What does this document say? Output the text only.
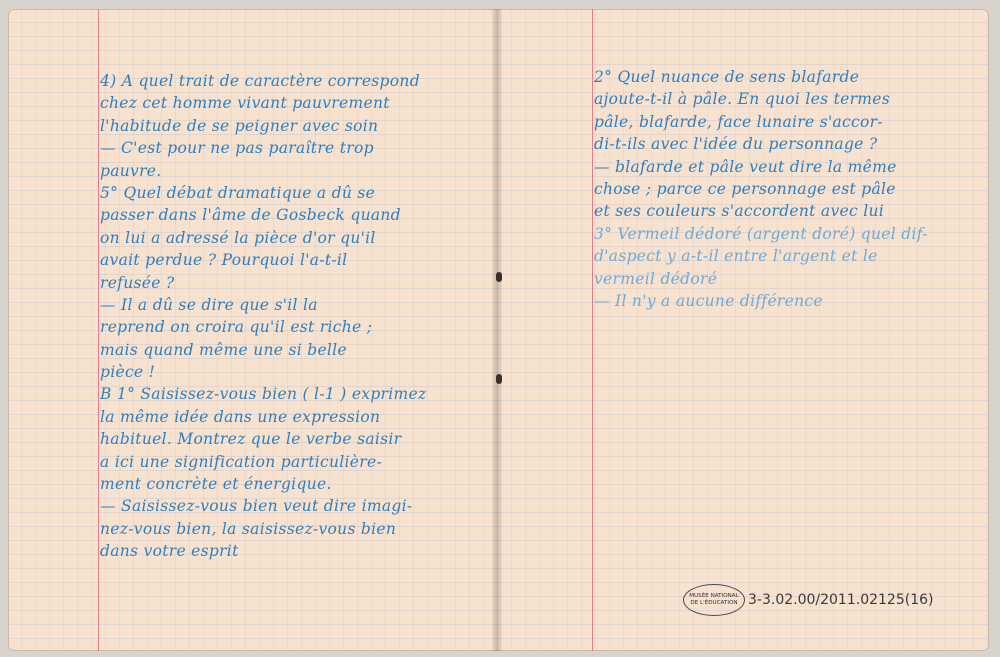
4) A quel trait de caractère correspond
chez cet homme vivant pauvrement
l'habitude de se peigner avec soin
— C'est pour ne pas paraître trop
pauvre.
5° Quel débat dramatique a dû se
passer dans l'âme de Gosbeck quand
on lui a adressé la pièce d'or qu'il
avait perdue ? Pourquoi l'a-t-il
refusée ?
— Il a dû se dire que s'il la
reprend on croira qu'il est riche ;
mais quand même une si belle
pièce !
B 1° Saisissez-vous bien ( l-1 ) exprimez
la même idée dans une expression
habituel. Montrez que le verbe saisir
a ici une signification particulière-
ment concrète et énergique.
— Saisissez-vous bien veut dire imagi-
nez-vous bien, la saisissez-vous bien
dans votre esprit
2° Quel nuance de sens blafarde
ajoute-t-il à pâle. En quoi les termes
pâle, blafarde, face lunaire s'accor-
di-t-ils avec l'idée du personnage ?
— blafarde et pâle veut dire la même
chose ; parce ce personnage est pâle
et ses couleurs s'accordent avec lui
3° Vermeil dédoré (argent doré) quel dif-
d'aspect y a-t-il entre l'argent et le
vermeil dédoré
— Il n'y a aucune différence
MUSÉE NATIONAL
DE L'ÉDUCATION 3-3.02.00/2011.02125(16)
